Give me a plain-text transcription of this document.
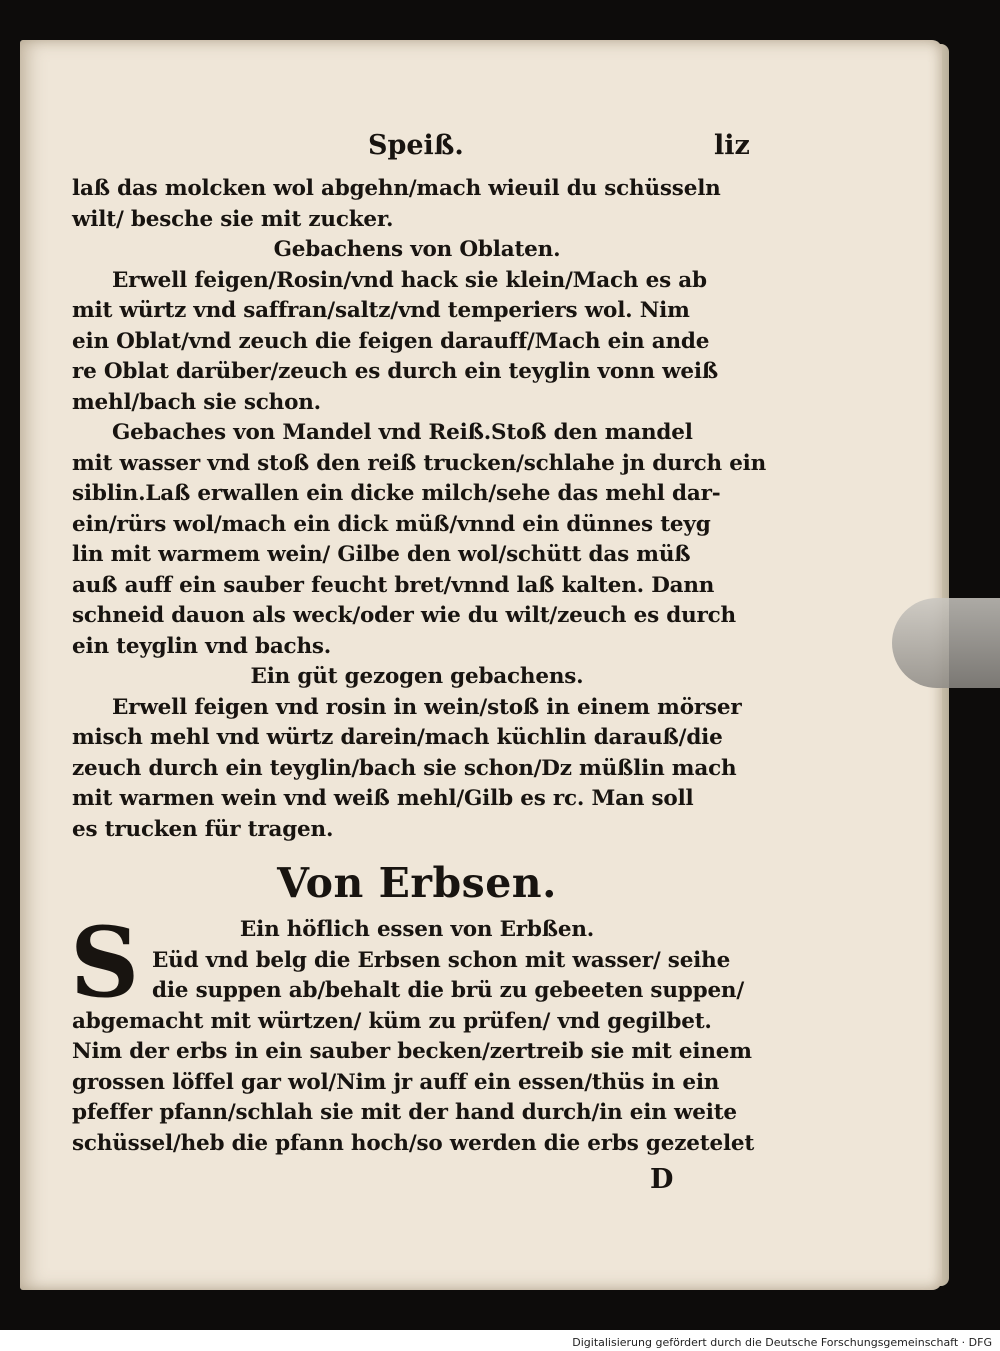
Speiß.	liz
laß das molcken wol abgehn/mach wieuil du schüsseln
wilt/ besche sie mit zucker.
Gebachens von Oblaten.
Erwell feigen/Rosin/vnd hack sie klein/Mach es ab
mit würtz vnd saffran/saltz/vnd temperiers wol. Nim
ein Oblat/vnd zeuch die feigen darauff/Mach ein ande
re Oblat darüber/zeuch es durch ein teyglin vonn weiß
mehl/bach sie schon.
Gebaches von Mandel vnd Reiß.Stoß den mandel
mit wasser vnd stoß den reiß trucken/schlahe jn durch ein
siblin.Laß erwallen ein dicke milch/sehe das mehl dar-
ein/rürs wol/mach ein dick müß/vnnd ein dünnes teyg
lin mit warmem wein/ Gilbe den wol/schütt das müß
auß auff ein sauber feucht bret/vnnd laß kalten. Dann
schneid dauon als weck/oder wie du wilt/zeuch es durch
ein teyglin vnd bachs.
Ein güt gezogen gebachens.
Erwell feigen vnd rosin in wein/stoß in einem mörser
misch mehl vnd würtz darein/mach küchlin darauß/die
zeuch durch ein teyglin/bach sie schon/Dz müßlin mach
mit warmen wein vnd weiß mehl/Gilb es rc. Man soll
es trucken für tragen.
Von Erbsen.
S	Ein höflich essen von Erbßen.
Eüd vnd belg die Erbsen schon mit wasser/ seihe
die suppen ab/behalt die brü zu gebeeten suppen/
abgemacht mit würtzen/ küm zu prüfen/ vnd gegilbet.
Nim der erbs in ein sauber becken/zertreib sie mit einem
grossen löffel gar wol/Nim jr auff ein essen/thüs in ein
pfeffer pfann/schlah sie mit der hand durch/in ein weite
schüssel/heb die pfann hoch/so werden die erbs gezetelet
D
Digitalisierung gefördert durch die Deutsche Forschungsgemeinschaft · DFG
